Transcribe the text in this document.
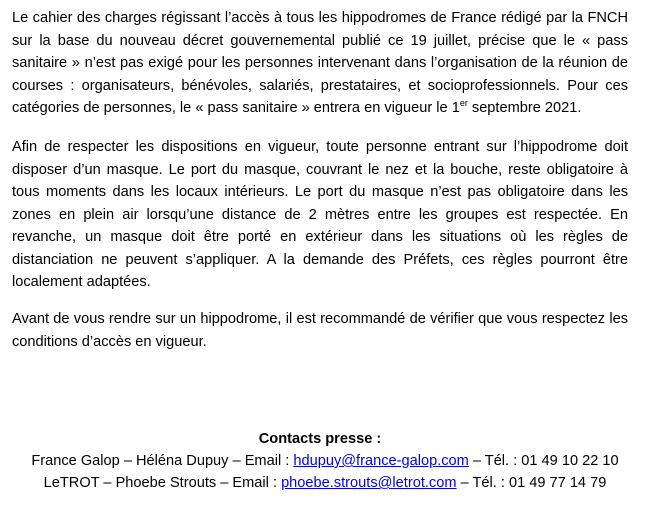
Le cahier des charges régissant l’accès à tous les hippodromes de France rédigé par la FNCH sur la base du nouveau décret gouvernemental publié ce 19 juillet, précise que le « pass sanitaire » n’est pas exigé pour les personnes intervenant dans l’organisation de la réunion de courses : organisateurs, bénévoles, salariés, prestataires, et socioprofessionnels. Pour ces catégories de personnes, le « pass sanitaire » entrera en vigueur le 1er septembre 2021.

Afin de respecter les dispositions en vigueur, toute personne entrant sur l’hippodrome doit disposer d’un masque. Le port du masque, couvrant le nez et la bouche, reste obligatoire à tous moments dans les locaux intérieurs. Le port du masque n’est pas obligatoire dans les zones en plein air lorsqu’une distance de 2 mètres entre les groupes est respectée. En revanche, un masque doit être porté en extérieur dans les situations où les règles de distanciation ne peuvent s’appliquer. A la demande des Préfets, ces règles pourront être localement adaptées.

Avant de vous rendre sur un hippodrome, il est recommandé de vérifier que vous respectez les conditions d’accès en vigueur.

Contacts presse :
France Galop – Héléna Dupuy – Email : hdupuy@france-galop.com – Tél. : 01 49 10 22 10
LeTROT – Phoebe Strouts – Email : phoebe.strouts@letrot.com – Tél. : 01 49 77 14 79
